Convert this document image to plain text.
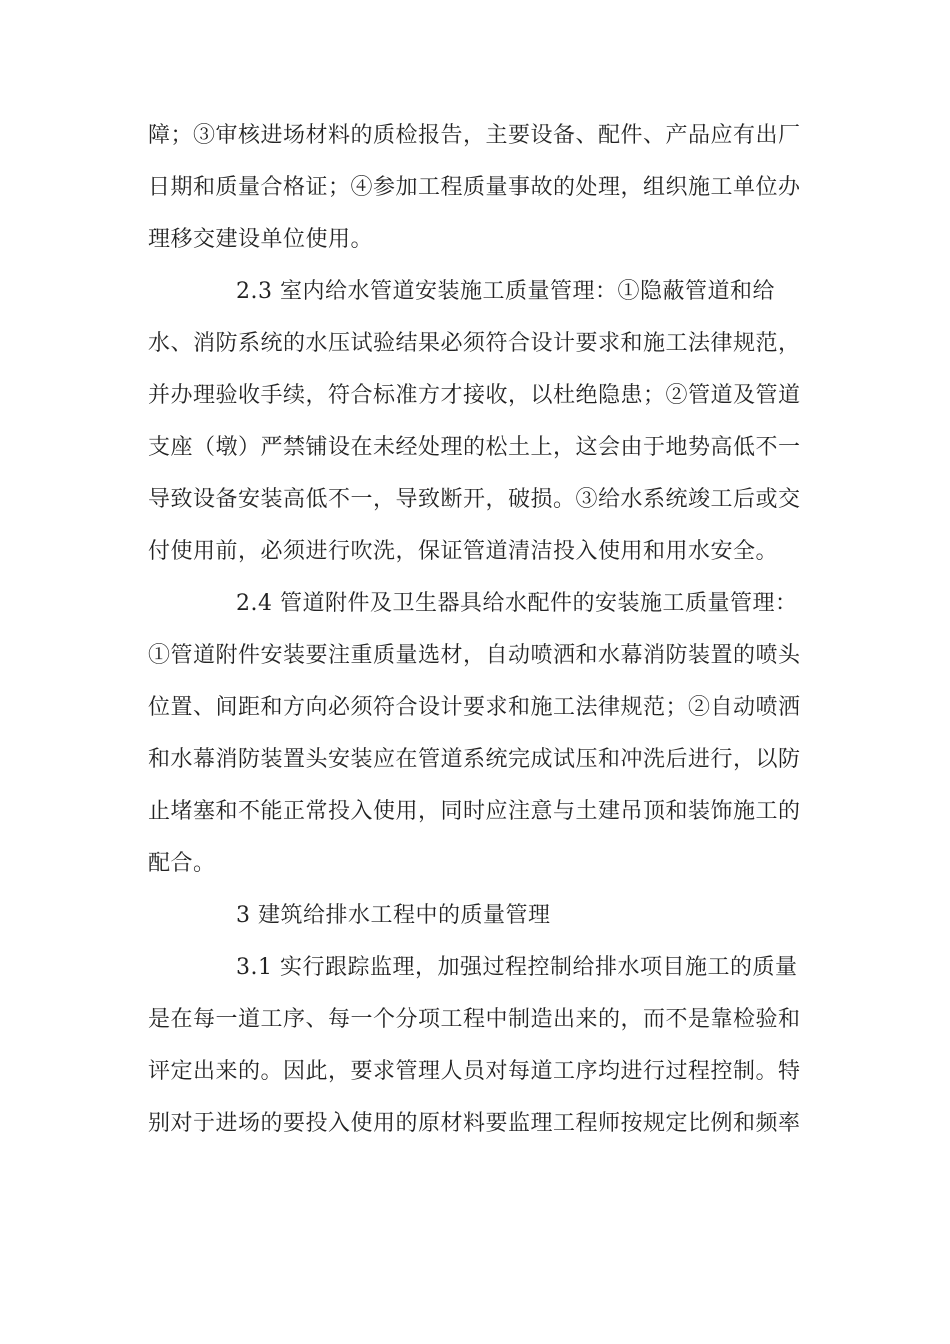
障；③审核进场材料的质检报告，主要设备、配件、产品应有出厂
日期和质量合格证；④参加工程质量事故的处理，组织施工单位办
理移交建设单位使用。
2.3 室内给水管道安装施工质量管理：①隐蔽管道和给
水、消防系统的水压试验结果必须符合设计要求和施工法律规范，
并办理验收手续，符合标准方才接收，以杜绝隐患；②管道及管道
支座（墩）严禁铺设在未经处理的松土上，这会由于地势高低不一
导致设备安装高低不一，导致断开，破损。③给水系统竣工后或交
付使用前，必须进行吹洗，保证管道清洁投入使用和用水安全。
2.4 管道附件及卫生器具给水配件的安装施工质量管理：
①管道附件安装要注重质量选材，自动喷洒和水幕消防装置的喷头
位置、间距和方向必须符合设计要求和施工法律规范；②自动喷洒
和水幕消防装置头安装应在管道系统完成试压和冲洗后进行，以防
止堵塞和不能正常投入使用，同时应注意与土建吊顶和装饰施工的
配合。
3 建筑给排水工程中的质量管理
3.1 实行跟踪监理，加强过程控制给排水项目施工的质量
是在每一道工序、每一个分项工程中制造出来的，而不是靠检验和
评定出来的。因此，要求管理人员对每道工序均进行过程控制。特
别对于进场的要投入使用的原材料要监理工程师按规定比例和频率
